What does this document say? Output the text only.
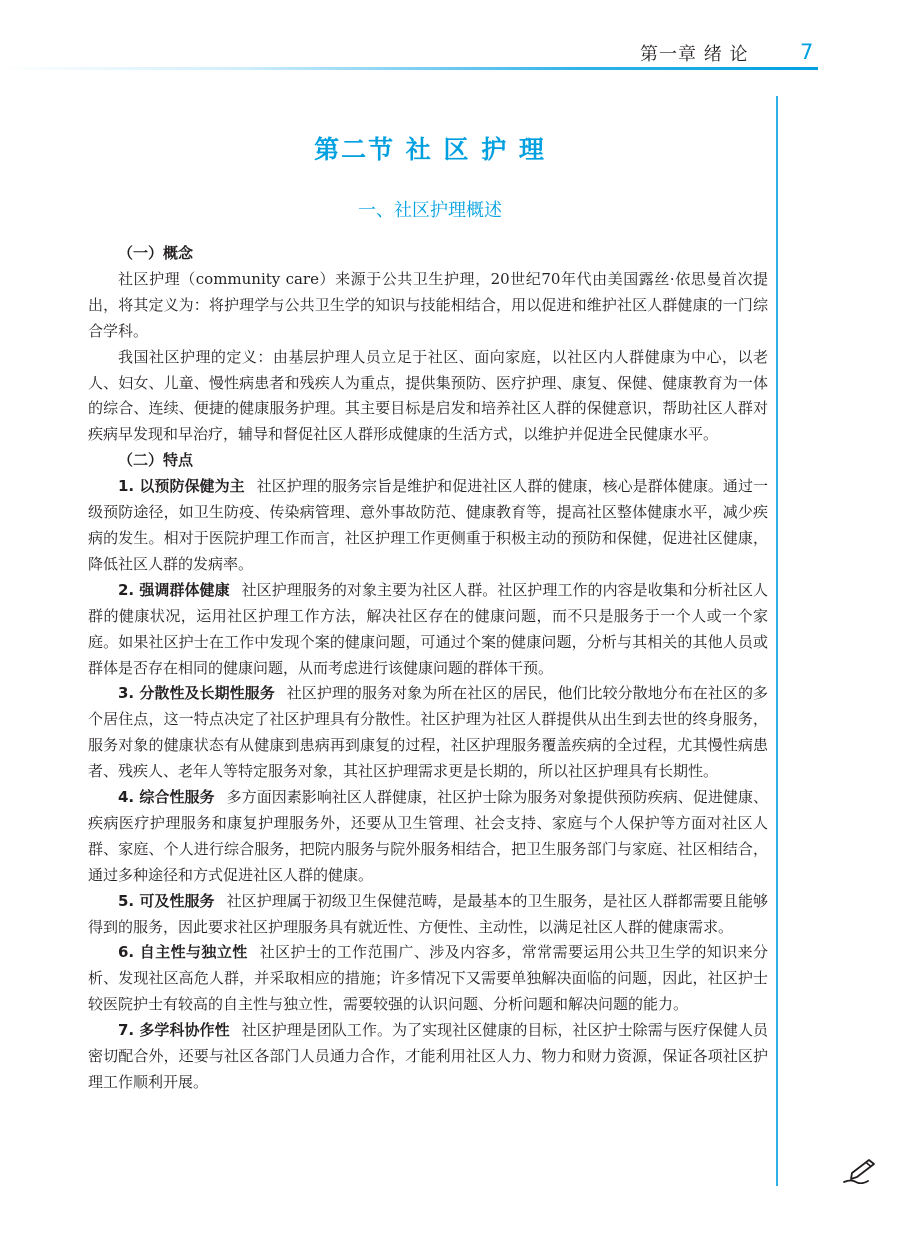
第一章 绪 论	7
第二节 社 区 护 理
一、社区护理概述
（一）概念

社区护理（community care）来源于公共卫生护理，20世纪70年代由美国露丝·依思曼首次提出，将其定义为：将护理学与公共卫生学的知识与技能相结合，用以促进和维护社区人群健康的一门综合学科。

我国社区护理的定义：由基层护理人员立足于社区、面向家庭，以社区内人群健康为中心，以老人、妇女、儿童、慢性病患者和残疾人为重点，提供集预防、医疗护理、康复、保健、健康教育为一体的综合、连续、便捷的健康服务护理。其主要目标是启发和培养社区人群的保健意识，帮助社区人群对疾病早发现和早治疗，辅导和督促社区人群形成健康的生活方式，以维护并促进全民健康水平。

（二）特点

1. 以预防保健为主 社区护理的服务宗旨是维护和促进社区人群的健康，核心是群体健康。通过一级预防途径，如卫生防疫、传染病管理、意外事故防范、健康教育等，提高社区整体健康水平，减少疾病的发生。相对于医院护理工作而言，社区护理工作更侧重于积极主动的预防和保健，促进社区健康，降低社区人群的发病率。

2. 强调群体健康 社区护理服务的对象主要为社区人群。社区护理工作的内容是收集和分析社区人群的健康状况，运用社区护理工作方法，解决社区存在的健康问题，而不只是服务于一个人或一个家庭。如果社区护士在工作中发现个案的健康问题，可通过个案的健康问题，分析与其相关的其他人员或群体是否存在相同的健康问题，从而考虑进行该健康问题的群体干预。

3. 分散性及长期性服务 社区护理的服务对象为所在社区的居民，他们比较分散地分布在社区的多个居住点，这一特点决定了社区护理具有分散性。社区护理为社区人群提供从出生到去世的终身服务，服务对象的健康状态有从健康到患病再到康复的过程，社区护理服务覆盖疾病的全过程，尤其慢性病患者、残疾人、老年人等特定服务对象，其社区护理需求更是长期的，所以社区护理具有长期性。

4. 综合性服务 多方面因素影响社区人群健康，社区护士除为服务对象提供预防疾病、促进健康、疾病医疗护理服务和康复护理服务外，还要从卫生管理、社会支持、家庭与个人保护等方面对社区人群、家庭、个人进行综合服务，把院内服务与院外服务相结合，把卫生服务部门与家庭、社区相结合，通过多种途径和方式促进社区人群的健康。

5. 可及性服务 社区护理属于初级卫生保健范畴，是最基本的卫生服务，是社区人群都需要且能够得到的服务，因此要求社区护理服务具有就近性、方便性、主动性，以满足社区人群的健康需求。

6. 自主性与独立性 社区护士的工作范围广、涉及内容多，常常需要运用公共卫生学的知识来分析、发现社区高危人群，并采取相应的措施；许多情况下又需要单独解决面临的问题，因此，社区护士较医院护士有较高的自主性与独立性，需要较强的认识问题、分析问题和解决问题的能力。

7. 多学科协作性 社区护理是团队工作。为了实现社区健康的目标，社区护士除需与医疗保健人员密切配合外，还要与社区各部门人员通力合作，才能利用社区人力、物力和财力资源，保证各项社区护理工作顺利开展。
